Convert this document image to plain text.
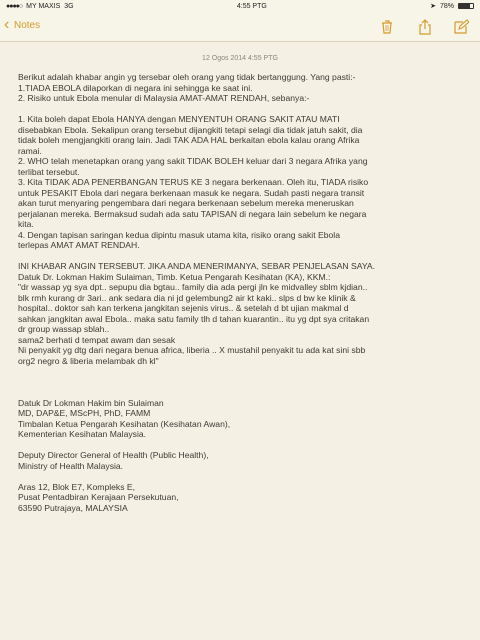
●●●●○ MY MAXIS 3G	4:55 PTG	➤ 78%
‹ Notes
12 Ogos 2014 4:55 PTG
Berikut adalah khabar angin yg tersebar oleh orang yang tidak bertanggung. Yang pasti:-
1.TIADA EBOLA dilaporkan di negara ini sehingga ke saat ini.
2. Risiko untuk Ebola menular di Malaysia AMAT-AMAT RENDAH, sebanya:-
1. Kita boleh dapat Ebola HANYA dengan MENYENTUH ORANG SAKIT ATAU MATI
disebabkan Ebola. Sekalipun orang tersebut dijangkiti tetapi selagi dia tidak jatuh sakit, dia
tidak boleh mengjangkiti orang lain. Jadi TAK ADA HAL berkaitan ebola kalau orang Afrika
ramai.
2. WHO telah menetapkan orang yang sakit TIDAK BOLEH keluar dari 3 negara Afrika yang
terlibat tersebut.
3. Kita TIDAK ADA PENERBANGAN TERUS KE 3 negara berkenaan. Oleh itu, TIADA risiko
untuk PESAKIT Ebola dari negara berkenaan masuk ke negara. Sudah pasti negara transit
akan turut menyaring pengembara dari negara berkenaan sebelum mereka meneruskan
perjalanan mereka. Bermaksud sudah ada satu TAPISAN di negara lain sebelum ke negara
kita.
4. Dengan tapisan saringan kedua dipintu masuk utama kita, risiko orang sakit Ebola
terlepas AMAT AMAT RENDAH.
INI KHABAR ANGIN TERSEBUT. JIKA ANDA MENERIMANYA, SEBAR PENJELASAN SAYA.
Datuk Dr. Lokman Hakim Sulaiman, Timb. Ketua Pengarah Kesihatan (KA), KKM.:
"dr wassap yg sya dpt.. sepupu dia bgtau.. family dia ada pergi jln ke midvalley sblm kjdian..
blk rmh kurang dr 3ari.. ank sedara dia ni jd gelembung2 air kt kaki.. slps d bw ke klinik &
hospital.. doktor sah kan terkena jangkitan sejenis virus.. & setelah d bt ujian makmal d
sahkan jangkitan awal Ebola.. maka satu family tlh d tahan kuarantin.. itu yg dpt sya critakan
dr group wassap sblah..
sama2 berhati d tempat awam dan sesak
Ni penyakit yg dtg dari negara benua africa, liberia .. X mustahil penyakit tu ada kat sini sbb
org2 negro & liberia melambak dh kl"
Datuk Dr Lokman Hakim bin Sulaiman
MD, DAP&E, MScPH, PhD, FAMM
Timbalan Ketua Pengarah Kesihatan (Kesihatan Awan),
Kementerian Kesihatan Malaysia.
Deputy Director General of Health (Public Health),
Ministry of Health Malaysia.
Aras 12, Blok E7, Kompleks E,
Pusat Pentadbiran Kerajaan Persekutuan,
63590 Putrajaya, MALAYSIA
